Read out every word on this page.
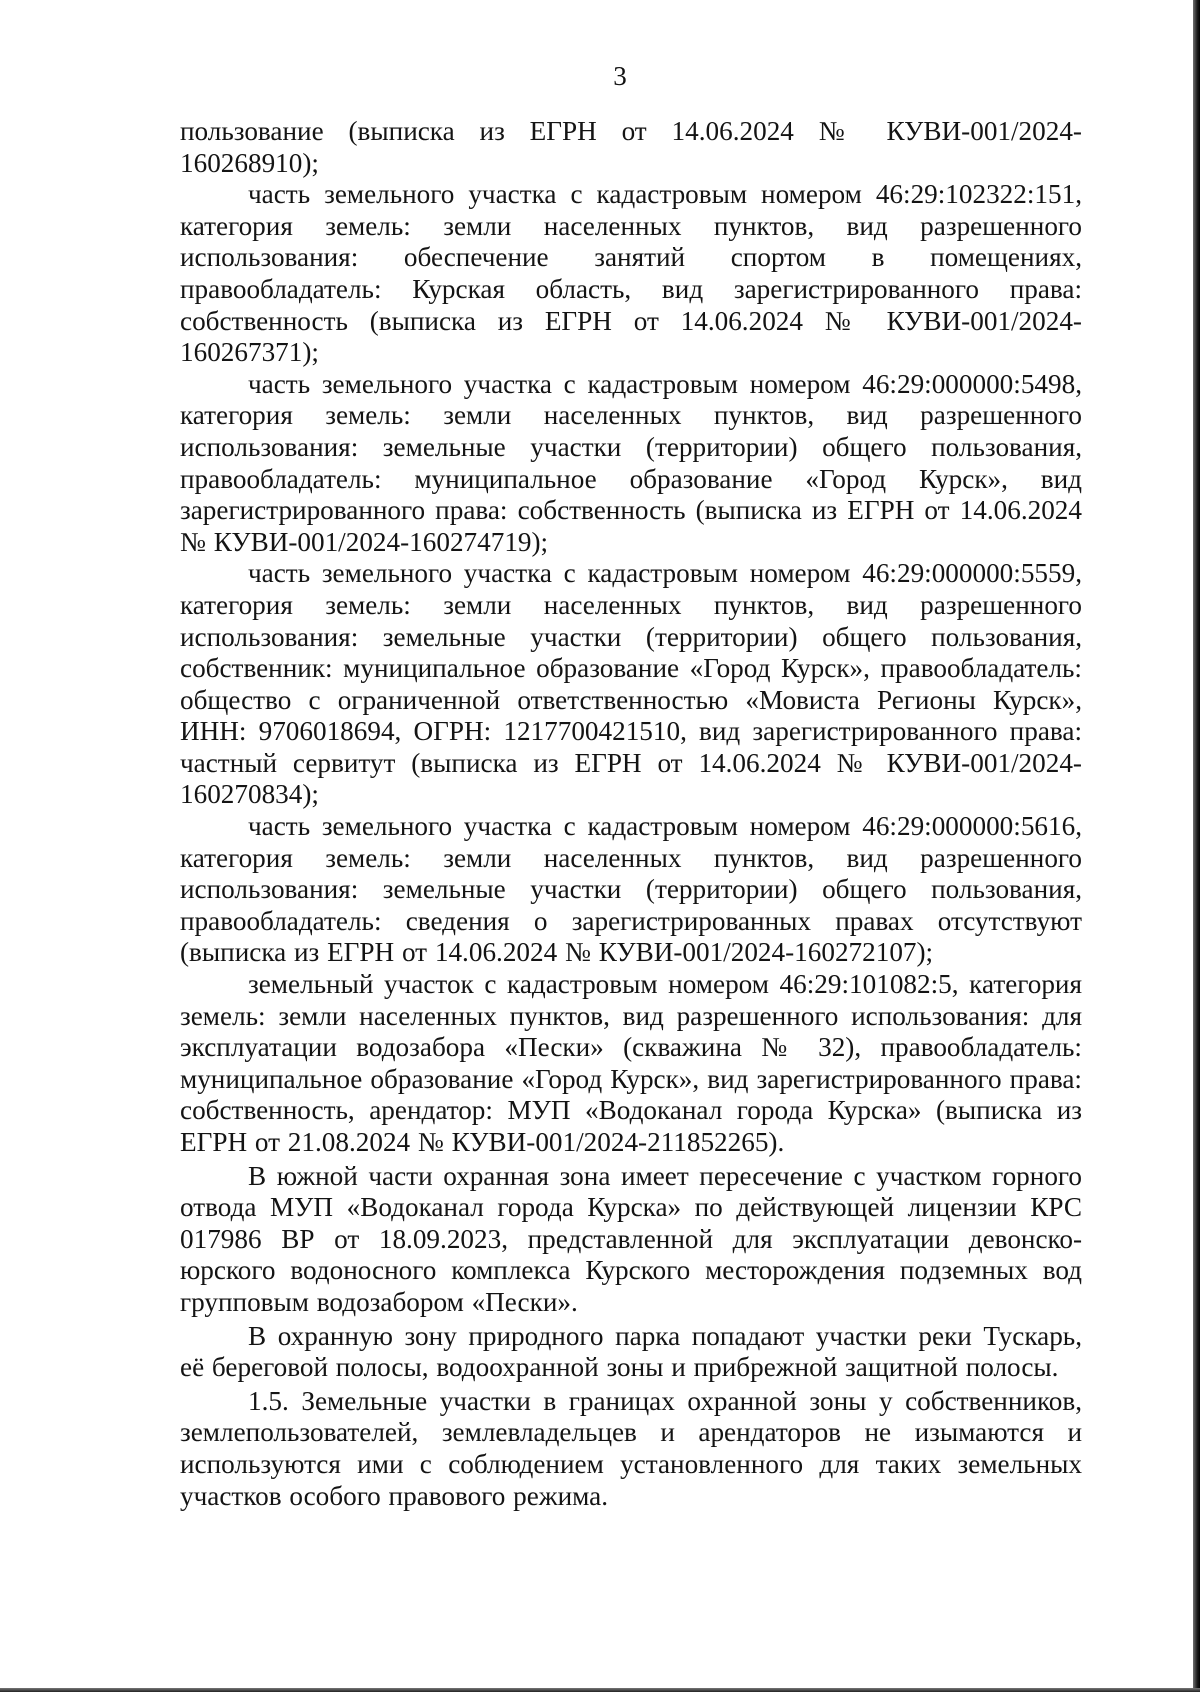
3

пользование (выписка из ЕГРН от 14.06.2024 № КУВИ-001/2024-160268910);

часть земельного участка с кадастровым номером 46:29:102322:151, категория земель: земли населенных пунктов, вид разрешенного использования: обеспечение занятий спортом в помещениях, правообладатель: Курская область, вид зарегистрированного права: собственность (выписка из ЕГРН от 14.06.2024 № КУВИ-001/2024-160267371);

часть земельного участка с кадастровым номером 46:29:000000:5498, категория земель: земли населенных пунктов, вид разрешенного использования: земельные участки (территории) общего пользования, правообладатель: муниципальное образование «Город Курск», вид зарегистрированного права: собственность (выписка из ЕГРН от 14.06.2024 № КУВИ-001/2024-160274719);

часть земельного участка с кадастровым номером 46:29:000000:5559, категория земель: земли населенных пунктов, вид разрешенного использования: земельные участки (территории) общего пользования, собственник: муниципальное образование «Город Курск», правообладатель: общество с ограниченной ответственностью «Мовиста Регионы Курск», ИНН: 9706018694, ОГРН: 1217700421510, вид зарегистрированного права: частный сервитут (выписка из ЕГРН от 14.06.2024 № КУВИ-001/2024-160270834);

часть земельного участка с кадастровым номером 46:29:000000:5616, категория земель: земли населенных пунктов, вид разрешенного использования: земельные участки (территории) общего пользования, правообладатель: сведения о зарегистрированных правах отсутствуют (выписка из ЕГРН от 14.06.2024 № КУВИ-001/2024-160272107);

земельный участок с кадастровым номером 46:29:101082:5, категория земель: земли населенных пунктов, вид разрешенного использования: для эксплуатации водозабора «Пески» (скважина № 32), правообладатель: муниципальное образование «Город Курск», вид зарегистрированного права: собственность, арендатор: МУП «Водоканал города Курска» (выписка из ЕГРН от 21.08.2024 № КУВИ-001/2024-211852265).

В южной части охранная зона имеет пересечение с участком горного отвода МУП «Водоканал города Курска» по действующей лицензии КРС 017986 ВР от 18.09.2023, представленной для эксплуатации девонско-юрского водоносного комплекса Курского месторождения подземных вод групповым водозабором «Пески».

В охранную зону природного парка попадают участки реки Тускарь, её береговой полосы, водоохранной зоны и прибрежной защитной полосы.

1.5. Земельные участки в границах охранной зоны у собственников, землепользователей, землевладельцев и арендаторов не изымаются и используются ими с соблюдением установленного для таких земельных участков особого правового режима.
